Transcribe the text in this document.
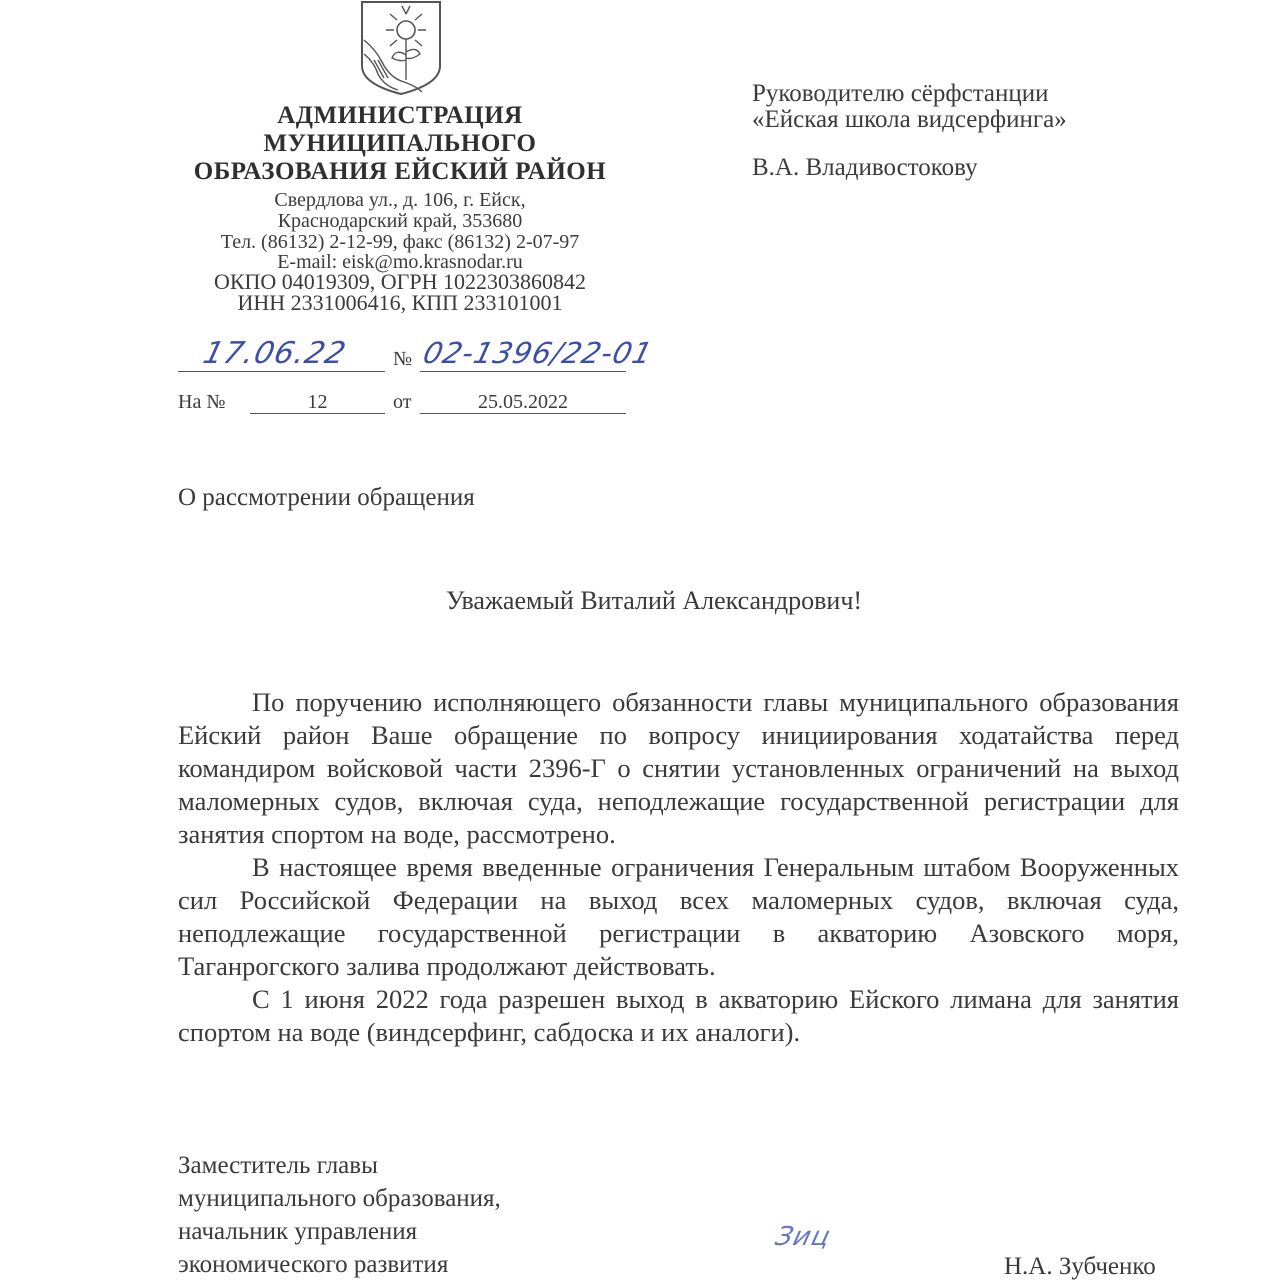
АДМИНИСТРАЦИЯ
МУНИЦИПАЛЬНОГО
ОБРАЗОВАНИЯ ЕЙСКИЙ РАЙОН
Свердлова ул., д. 106, г. Ейск,
Краснодарский край, 353680
Тел. (86132) 2-12-99, факс (86132) 2-07-97
E-mail: eisk@mo.krasnodar.ru
ОКПО 04019309, ОГРН 1022303860842
ИНН 2331006416, КПП 233101001
17.06.22 № 02-1396/22-01
На №	12	от	25.05.2022
Руководителю сёрфстанции
«Ейская школа видсерфинга»
В.А. Владивостокову
О рассмотрении обращения
Уважаемый Виталий Александрович!

По поручению исполняющего обязанности главы муниципального образования Ейский район Ваше обращение по вопросу инициирования ходатайства перед командиром войсковой части 2396-Г о снятии установленных ограничений на выход маломерных судов, включая суда, неподлежащие государственной регистрации для занятия спортом на воде, рассмотрено.

В настоящее время введенные ограничения Генеральным штабом Вооруженных сил Российской Федерации на выход всех маломерных судов, включая суда, неподлежащие государственной регистрации в акваторию Азовского моря, Таганрогского залива продолжают действовать.

С 1 июня 2022 года разрешен выход в акваторию Ейского лимана для занятия спортом на воде (виндсерфинг, сабдоска и их аналоги).

Заместитель главы
муниципального образования,
начальник управления
экономического развития
Зиц
Н.А. Зубченко
